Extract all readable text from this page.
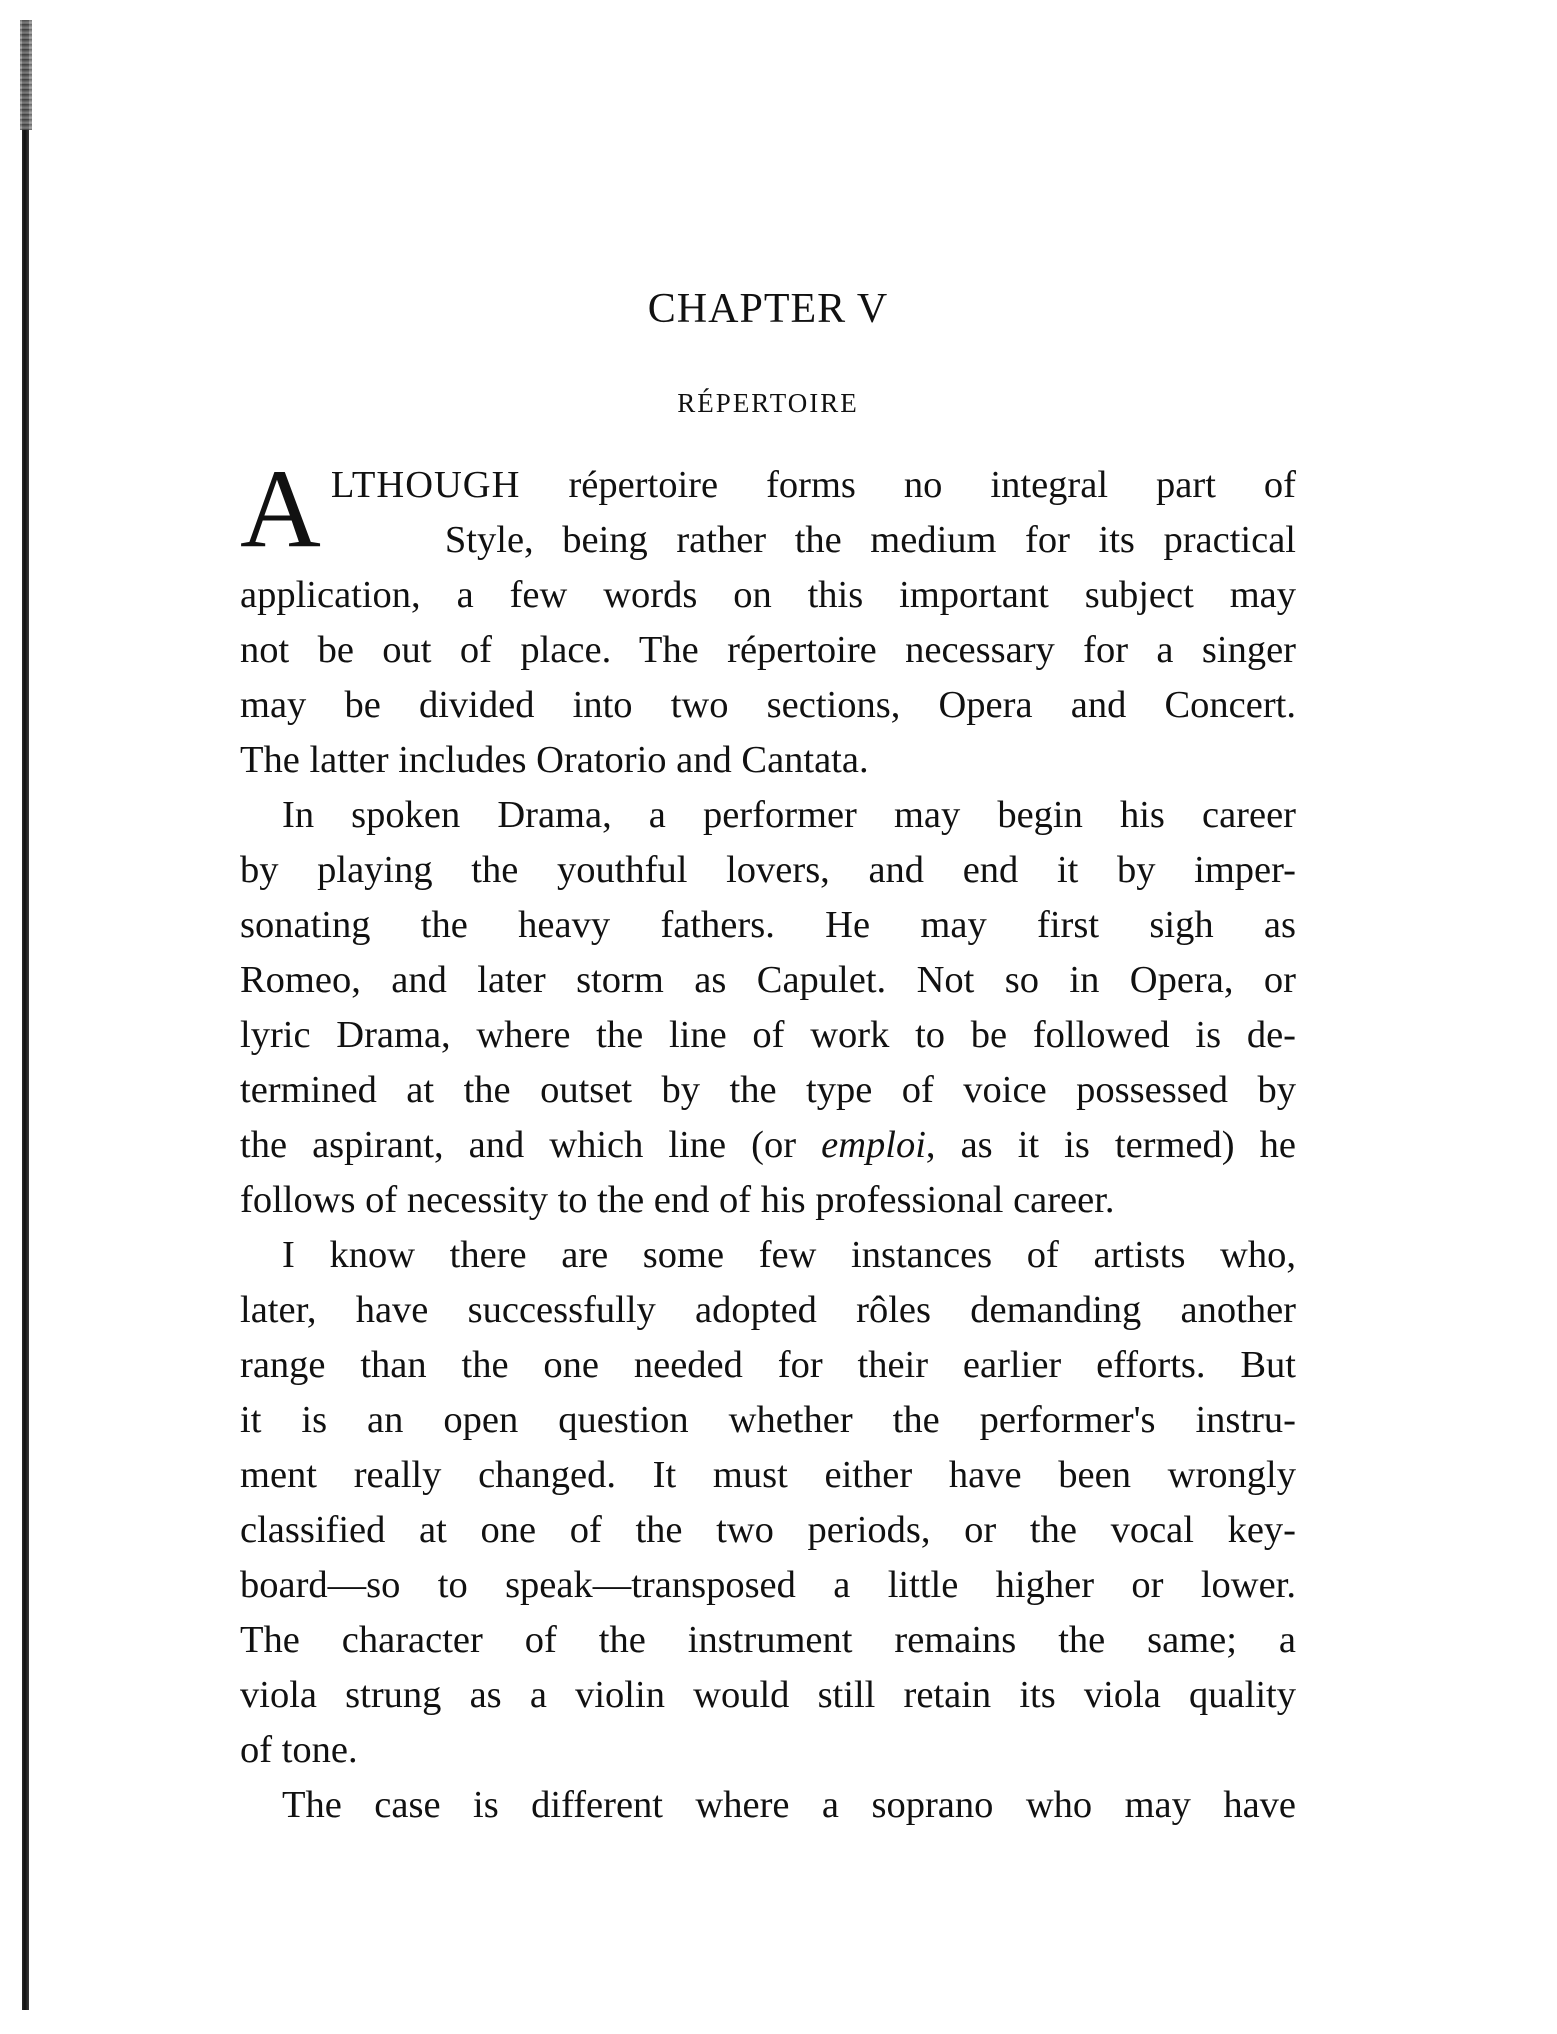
CHAPTER V
RÉPERTOIRE
A LTHOUGH répertoire forms no integral part of
Style, being rather the medium for its practical
application, a few words on this important subject may
not be out of place. The répertoire necessary for a singer
may be divided into two sections, Opera and Concert.
The latter includes Oratorio and Cantata.
In spoken Drama, a performer may begin his career
by playing the youthful lovers, and end it by imper-
sonating the heavy fathers. He may first sigh as
Romeo, and later storm as Capulet. Not so in Opera, or
lyric Drama, where the line of work to be followed is de-
termined at the outset by the type of voice possessed by
the aspirant, and which line (or emploi, as it is termed) he
follows of necessity to the end of his professional career.
I know there are some few instances of artists who,
later, have successfully adopted rôles demanding another
range than the one needed for their earlier efforts. But
it is an open question whether the performer's instru-
ment really changed. It must either have been wrongly
classified at one of the two periods, or the vocal key-
board—so to speak—transposed a little higher or lower.
The character of the instrument remains the same; a
viola strung as a violin would still retain its viola quality
of tone.
The case is different where a soprano who may have
